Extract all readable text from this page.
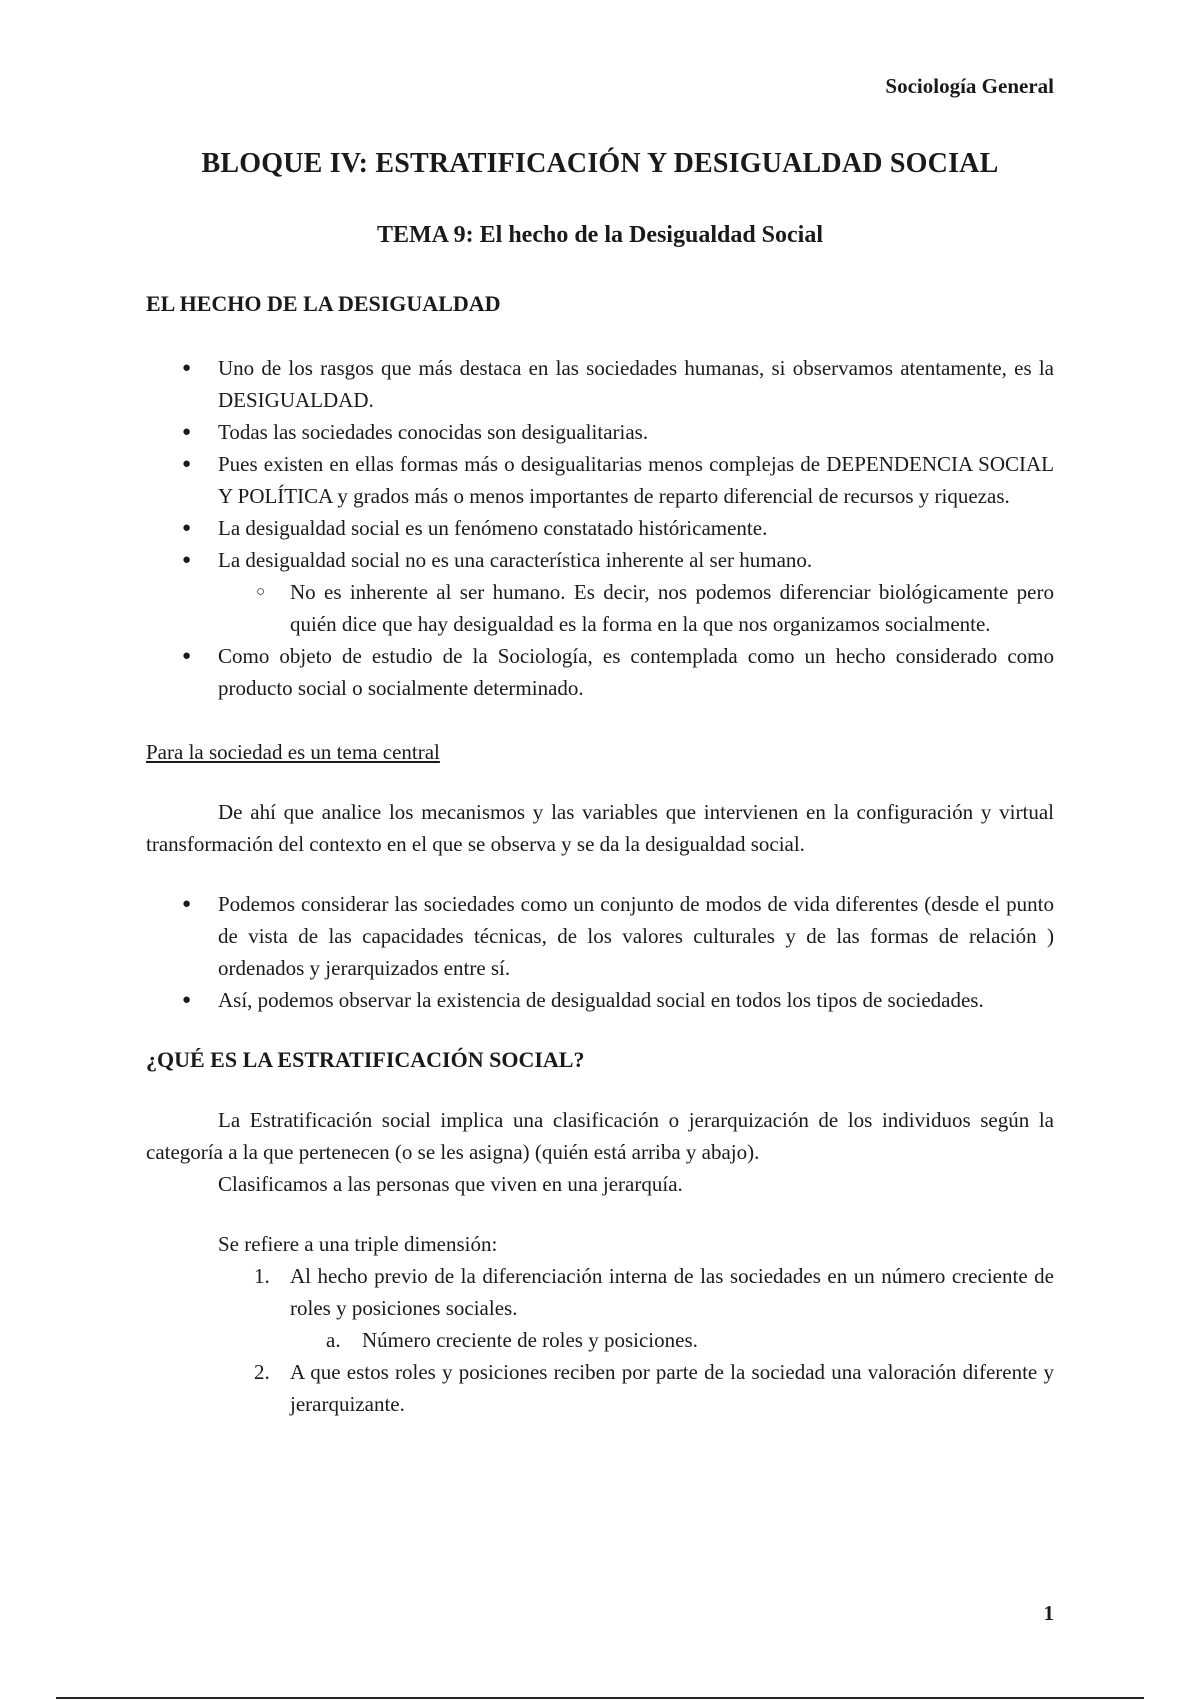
Sociología General
BLOQUE IV: ESTRATIFICACIÓN Y DESIGUALDAD SOCIAL
TEMA 9: El hecho de la Desigualdad Social
EL HECHO DE LA DESIGUALDAD
● Uno de los rasgos que más destaca en las sociedades humanas, si observamos atentamente, es la DESIGUALDAD.
● Todas las sociedades conocidas son desigualitarias.
● Pues existen en ellas formas más o desigualitarias menos complejas de DEPENDENCIA SOCIAL Y POLÍTICA y grados más o menos importantes de reparto diferencial de recursos y riquezas.
● La desigualdad social es un fenómeno constatado históricamente.
● La desigualdad social no es una característica inherente al ser humano.
○ No es inherente al ser humano. Es decir, nos podemos diferenciar biológicamente pero quién dice que hay desigualdad es la forma en la que nos organizamos socialmente.
● Como objeto de estudio de la Sociología, es contemplada como un hecho considerado como producto social o socialmente determinado.

Para la sociedad es un tema central

De ahí que analice los mecanismos y las variables que intervienen en la configuración y virtual transformación del contexto en el que se observa y se da la desigualdad social.

● Podemos considerar las sociedades como un conjunto de modos de vida diferentes (desde el punto de vista de las capacidades técnicas, de los valores culturales y de las formas de relación ) ordenados y jerarquizados entre sí.
● Así, podemos observar la existencia de desigualdad social en todos los tipos de sociedades.
¿QUÉ ES LA ESTRATIFICACIÓN SOCIAL?

La Estratificación social implica una clasificación o jerarquización de los individuos según la categoría a la que pertenecen (o se les asigna) (quién está arriba y abajo).

Clasificamos a las personas que viven en una jerarquía.

Se refiere a una triple dimensión:

1. Al hecho previo de la diferenciación interna de las sociedades en un número creciente de roles y posiciones sociales.
a. Número creciente de roles y posiciones.
2. A que estos roles y posiciones reciben por parte de la sociedad una valoración diferente y jerarquizante.
1
